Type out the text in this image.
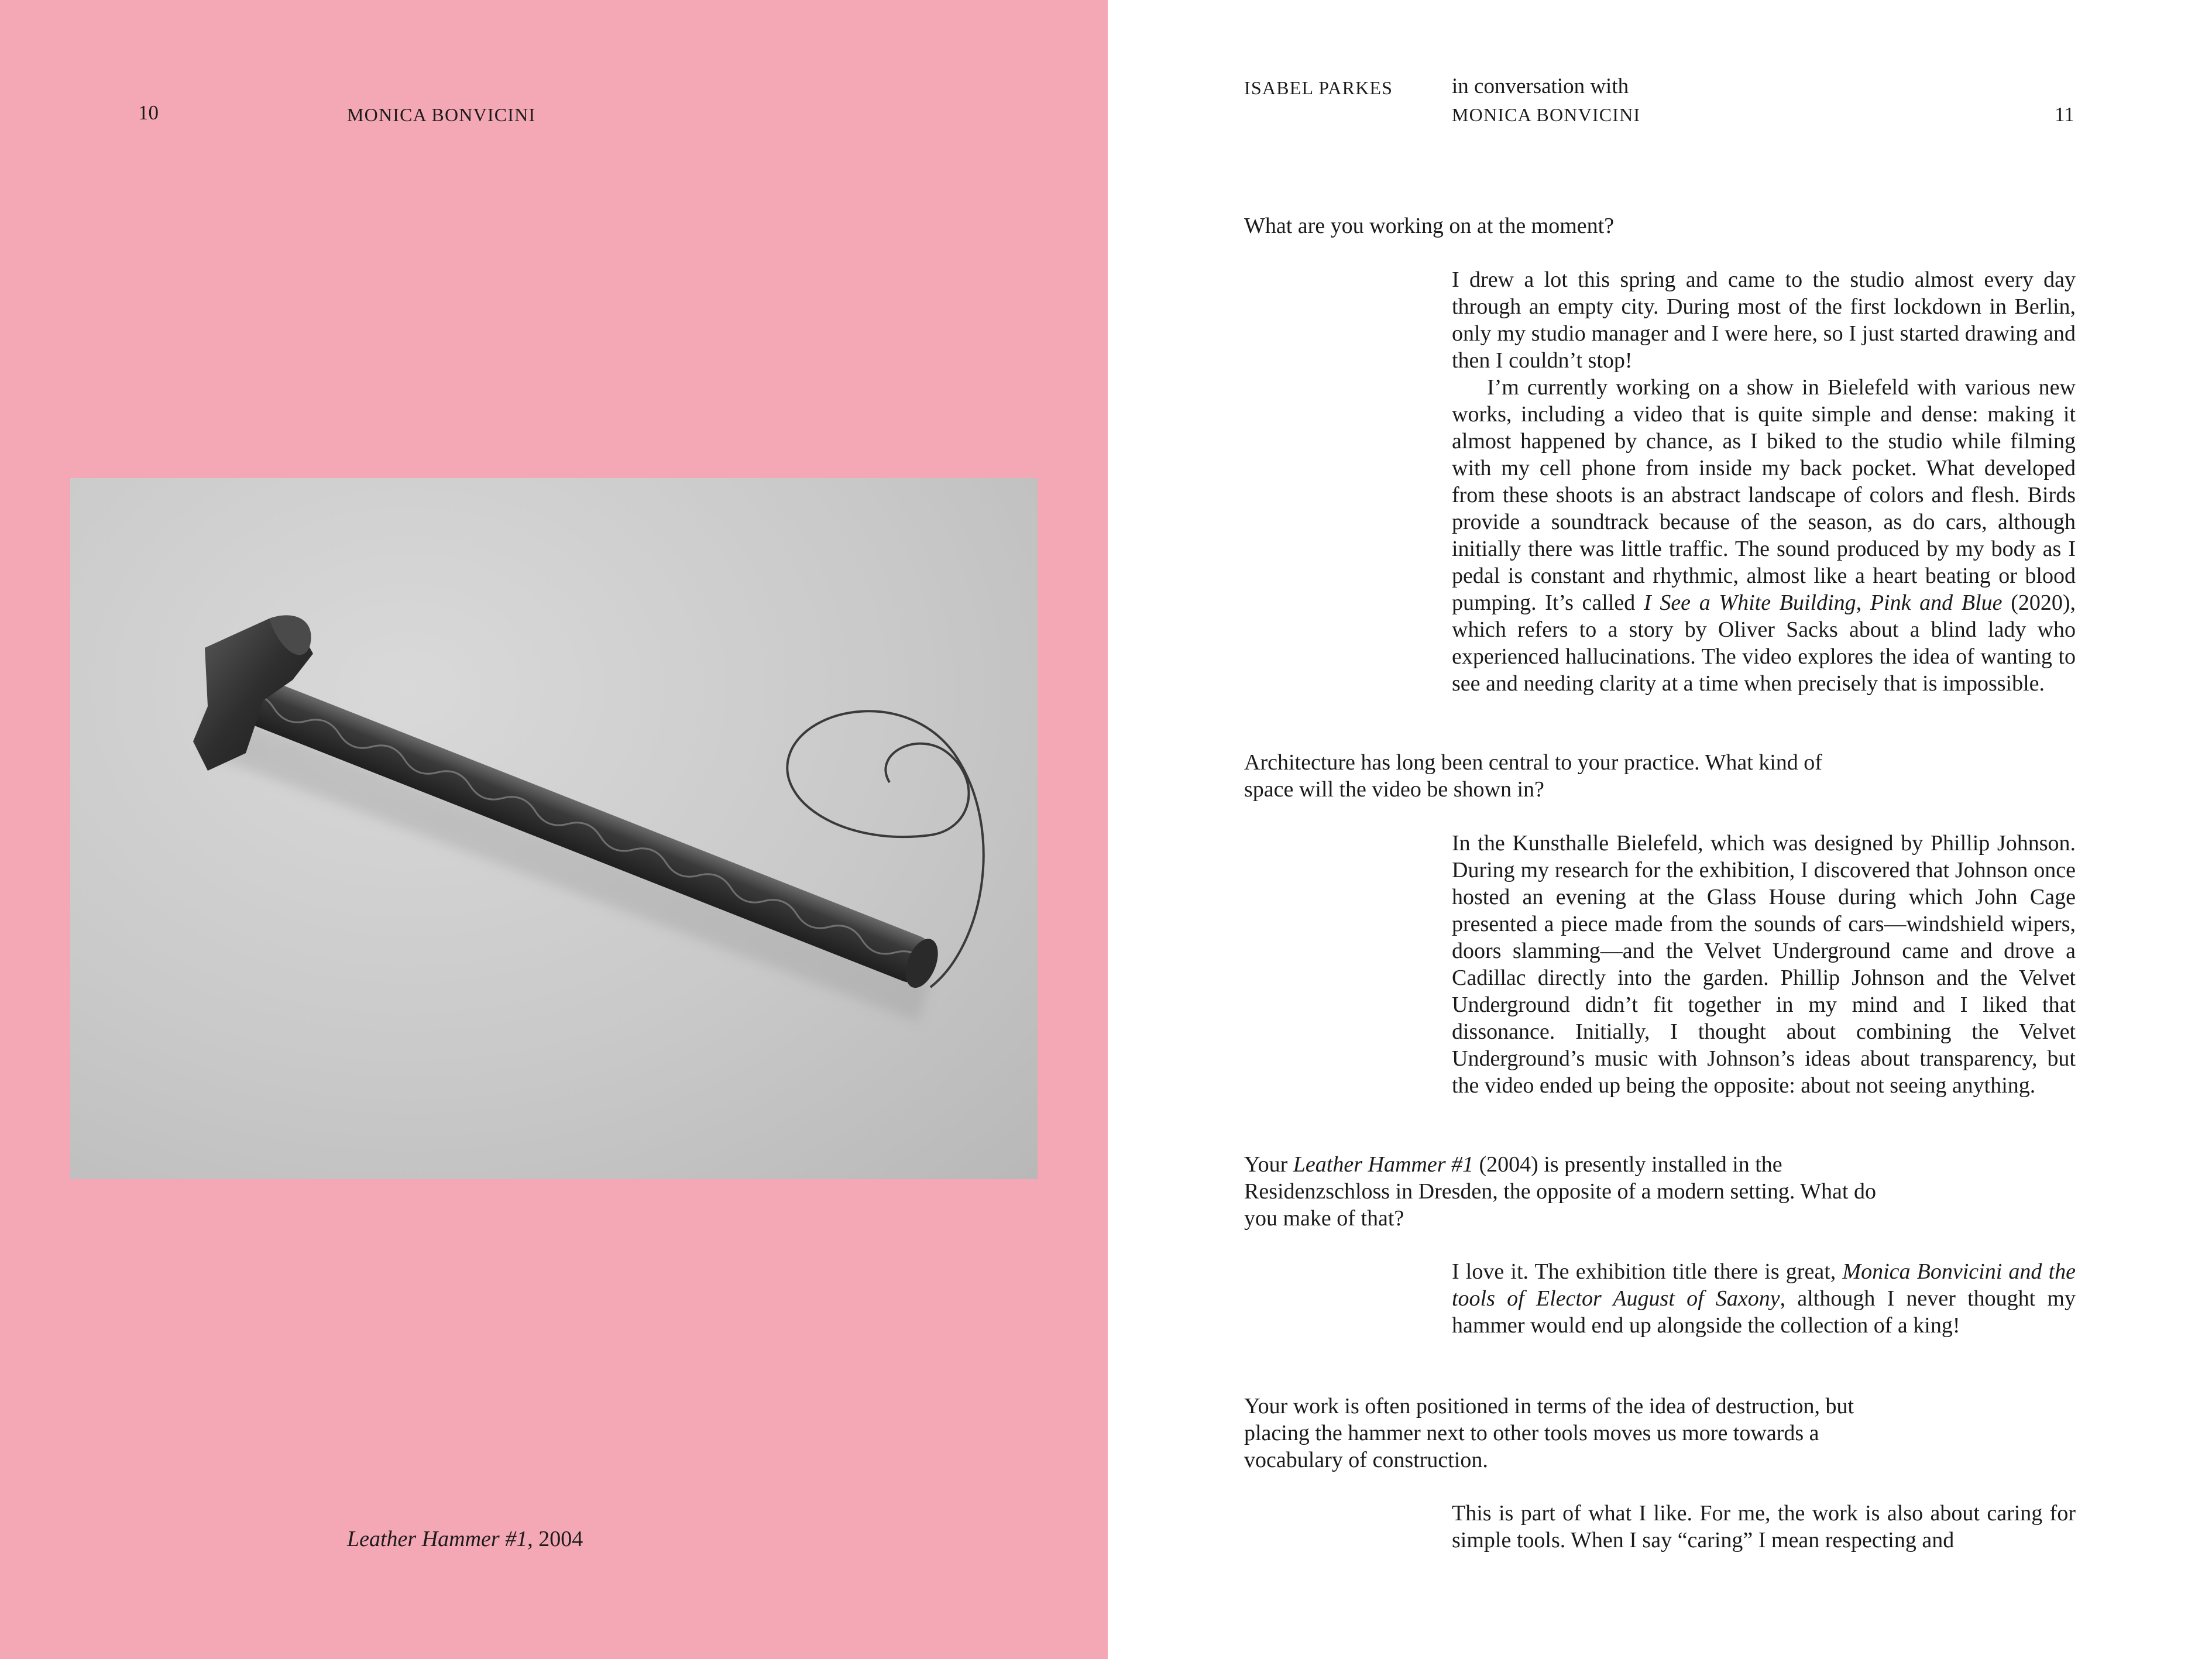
10	MONICA BONVICINI
Leather Hammer #1, 2004
ISABEL PARKES	in conversation with
MONICA BONVICINI	11

What are you working on at the moment?

I drew a lot this spring and came to the studio almost every day through an empty city. During most of the first lockdown in Berlin, only my studio manager and I were here, so I just started drawing and then I couldn’t stop!

I’m currently working on a show in Bielefeld with various new works, including a video that is quite simple and dense: making it almost happened by chance, as I biked to the studio while filming with my cell phone from inside my back pocket. What developed from these shoots is an abstract landscape of colors and flesh. Birds provide a soundtrack because of the season, as do cars, although initially there was little traffic. The sound produced by my body as I pedal is constant and rhythmic, almost like a heart beating or blood pumping. It’s called I See a White Building, Pink and Blue (2020), which refers to a story by Oliver Sacks about a blind lady who experienced hallucinations. The video explores the idea of wanting to see and needing clarity at a time when precisely that is impossible.

Architecture has long been central to your practice. What kind of space will the video be shown in?

In the Kunsthalle Bielefeld, which was designed by Phillip Johnson. During my research for the exhibition, I discovered that Johnson once hosted an evening at the Glass House during which John Cage presented a piece made from the sounds of cars—windshield wipers, doors slamming—and the Velvet Underground came and drove a Cadillac directly into the garden. Phillip Johnson and the Velvet Underground didn’t fit together in my mind and I liked that dissonance. Initially, I thought about combining the Velvet Underground’s music with Johnson’s ideas about transparency, but the video ended up being the opposite: about not seeing anything.

Your Leather Hammer #1 (2004) is presently installed in the Residenzschloss in Dresden, the opposite of a modern setting. What do you make of that?

I love it. The exhibition title there is great, Monica Bonvicini and the tools of Elector August of Saxony, although I never thought my hammer would end up alongside the collection of a king!

Your work is often positioned in terms of the idea of destruction, but placing the hammer next to other tools moves us more towards a vocabulary of construction.

This is part of what I like. For me, the work is also about caring for simple tools. When I say “caring” I mean respecting and
